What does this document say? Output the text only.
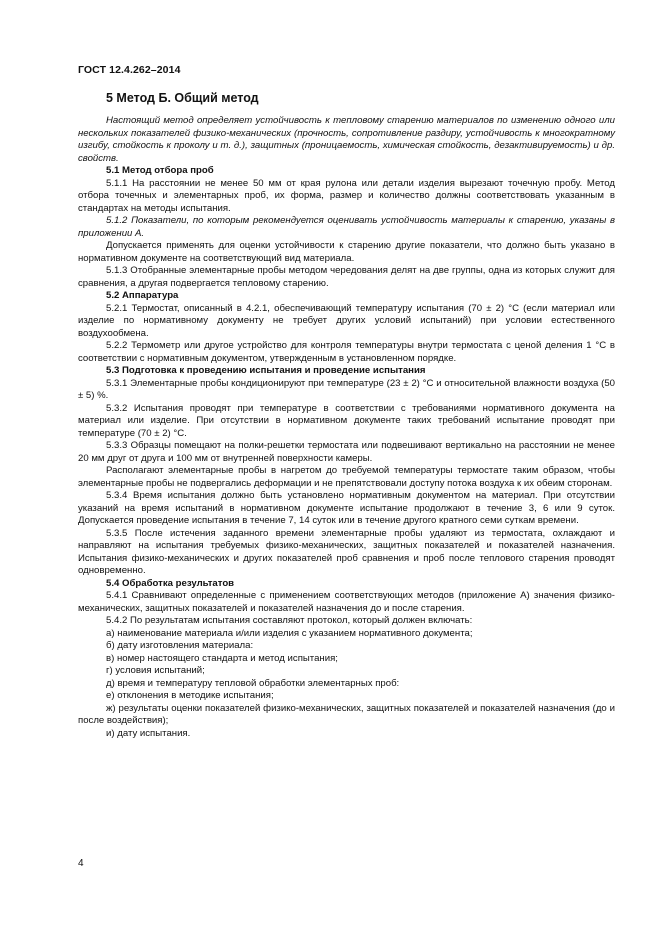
ГОСТ 12.4.262–2014
5 Метод Б. Общий метод

Настоящий метод определяет устойчивость к тепловому старению материалов по изменению одного или нескольких показателей физико-механических (прочность, сопротивление раздиру, устойчивость к многократному изгибу, стойкость к проколу и т. д.), защитных (проницаемость, химическая стойкость, дезактивируемость) и др. свойств.

5.1 Метод отбора проб

5.1.1 На расстоянии не менее 50 мм от края рулона или детали изделия вырезают точечную пробу. Метод отбора точечных и элементарных проб, их форма, размер и количество должны соответствовать указанным в стандартах на методы испытания.

5.1.2 Показатели, по которым рекомендуется оценивать устойчивость материалы к старению, указаны в приложении А.

Допускается применять для оценки устойчивости к старению другие показатели, что должно быть указано в нормативном документе на соответствующий вид материала.

5.1.3 Отобранные элементарные пробы методом чередования делят на две группы, одна из которых служит для сравнения, а другая подвергается тепловому старению.

5.2 Аппаратура

5.2.1 Термостат, описанный в 4.2.1, обеспечивающий температуру испытания (70 ± 2) °С (если материал или изделие по нормативному документу не требует других условий испытаний) при условии естественного воздухообмена.

5.2.2 Термометр или другое устройство для контроля температуры внутри термостата с ценой деления 1 °С в соответствии с нормативным документом, утвержденным в установленном порядке.

5.3 Подготовка к проведению испытания и проведение испытания

5.3.1 Элементарные пробы кондиционируют при температуре (23 ± 2) °С и относительной влажности воздуха (50 ± 5) %.

5.3.2 Испытания проводят при температуре в соответствии с требованиями нормативного документа на материал или изделие. При отсутствии в нормативном документе таких требований испытание проводят при температуре (70 ± 2) °С.

5.3.3 Образцы помещают на полки-решетки термостата или подвешивают вертикально на расстоянии не менее 20 мм друг от друга и 100 мм от внутренней поверхности камеры.

Располагают элементарные пробы в нагретом до требуемой температуры термостате таким образом, чтобы элементарные пробы не подвергались деформации и не препятствовали доступу потока воздуха к их обеим сторонам.

5.3.4 Время испытания должно быть установлено нормативным документом на материал. При отсутствии указаний на время испытаний в нормативном документе испытание продолжают в течение 3, 6 или 9 суток. Допускается проведение испытания в течение 7, 14 суток или в течение другого кратного семи суткам времени.

5.3.5 После истечения заданного времени элементарные пробы удаляют из термостата, охлаждают и направляют на испытания требуемых физико-механических, защитных показателей и показателей назначения. Испытания физико-механических и других показателей проб сравнения и проб после теплового старения проводят одновременно.

5.4 Обработка результатов

5.4.1 Сравнивают определенные с применением соответствующих методов (приложение А) значения физико-механических, защитных показателей и показателей назначения до и после старения.

5.4.2 По результатам испытания составляют протокол, который должен включать:

а) наименование материала и/или изделия с указанием нормативного документа;

б) дату изготовления материала:

в) номер настоящего стандарта и метод испытания;

г) условия испытаний;

д) время и температуру тепловой обработки элементарных проб:

е) отклонения в методике испытания;

ж) результаты оценки показателей физико-механических, защитных показателей и показателей назначения (до и после воздействия);

и) дату испытания.

4
